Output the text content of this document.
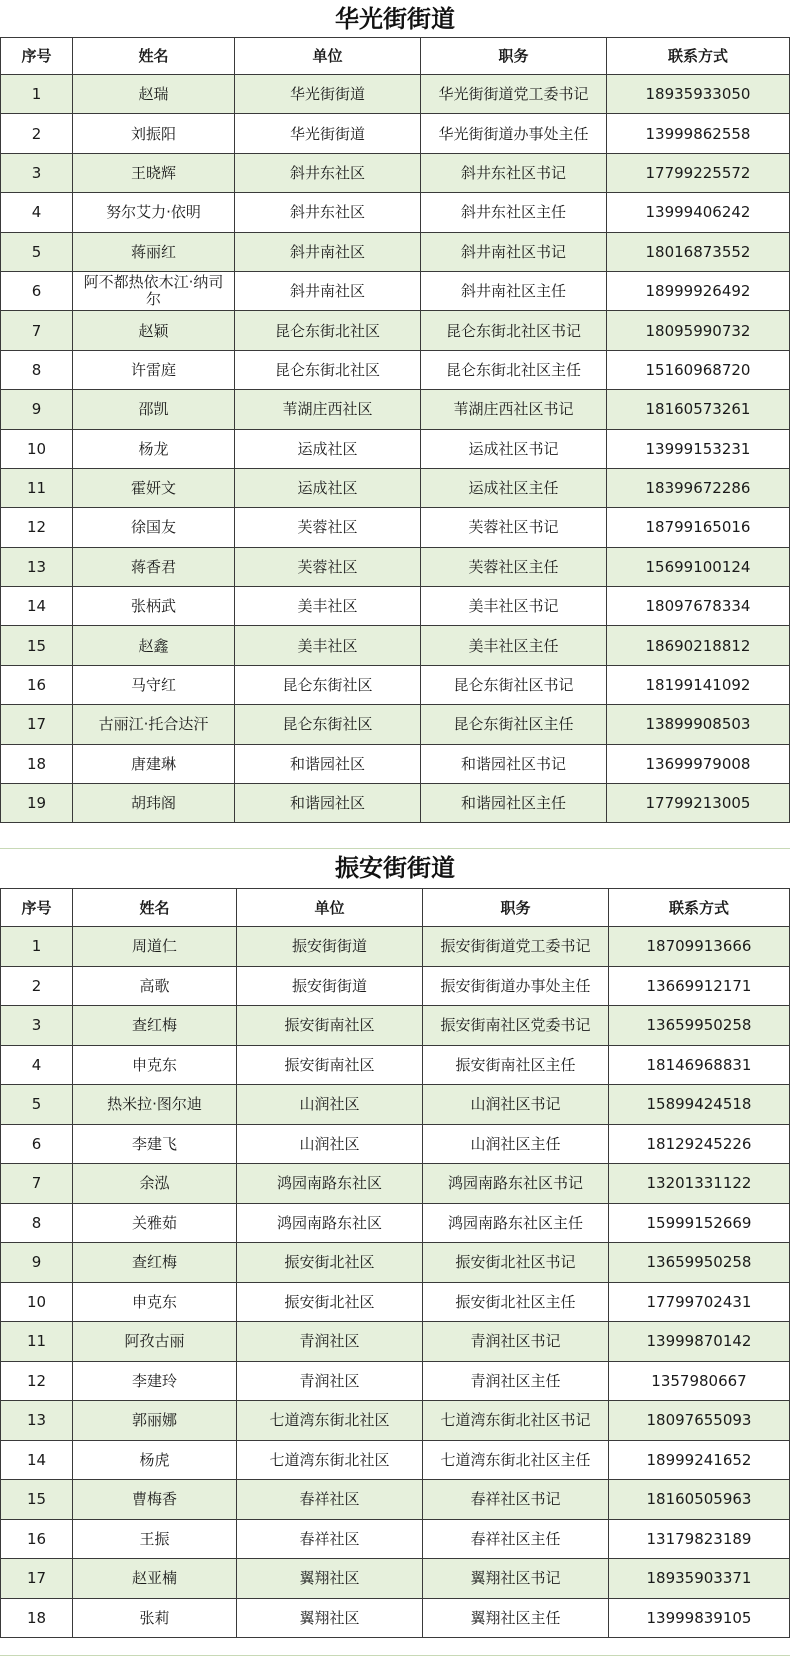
华光街街道
序号	姓名	单位	职务	联系方式
1	赵瑞	华光街街道	华光街街道党工委书记	18935933050
2	刘振阳	华光街街道	华光街街道办事处主任	13999862558
3	王晓辉	斜井东社区	斜井东社区书记	17799225572
4	努尔艾力·依明	斜井东社区	斜井东社区主任	13999406242
5	蒋丽红	斜井南社区	斜井南社区书记	18016873552
6	阿不都热依木江·纳司尔	斜井南社区	斜井南社区主任	18999926492
7	赵颖	昆仑东街北社区	昆仑东街北社区书记	18095990732
8	许雷庭	昆仑东街北社区	昆仑东街北社区主任	15160968720
9	邵凯	苇湖庄西社区	苇湖庄西社区书记	18160573261
10	杨龙	运成社区	运成社区书记	13999153231
11	霍妍文	运成社区	运成社区主任	18399672286
12	徐国友	芙蓉社区	芙蓉社区书记	18799165016
13	蒋香君	芙蓉社区	芙蓉社区主任	15699100124
14	张柄武	美丰社区	美丰社区书记	18097678334
15	赵鑫	美丰社区	美丰社区主任	18690218812
16	马守红	昆仑东街社区	昆仑东街社区书记	18199141092
17	古丽江·托合达汗	昆仑东街社区	昆仑东街社区主任	13899908503
18	唐建琳	和谐园社区	和谐园社区书记	13699979008
19	胡玮阁	和谐园社区	和谐园社区主任	17799213005
振安街街道
序号	姓名	单位	职务	联系方式
1	周道仁	振安街街道	振安街街道党工委书记	18709913666
2	高歌	振安街街道	振安街街道办事处主任	13669912171
3	查红梅	振安街南社区	振安街南社区党委书记	13659950258
4	申克东	振安街南社区	振安街南社区主任	18146968831
5	热米拉·图尔迪	山润社区	山润社区书记	15899424518
6	李建飞	山润社区	山润社区主任	18129245226
7	余泓	鸿园南路东社区	鸿园南路东社区书记	13201331122
8	关雅茹	鸿园南路东社区	鸿园南路东社区主任	15999152669
9	查红梅	振安街北社区	振安街北社区书记	13659950258
10	申克东	振安街北社区	振安街北社区主任	17799702431
11	阿孜古丽	青润社区	青润社区书记	13999870142
12	李建玲	青润社区	青润社区主任	1357980667
13	郭丽娜	七道湾东街北社区	七道湾东街北社区书记	18097655093
14	杨虎	七道湾东街北社区	七道湾东街北社区主任	18999241652
15	曹梅香	春祥社区	春祥社区书记	18160505963
16	王振	春祥社区	春祥社区主任	13179823189
17	赵亚楠	翼翔社区	翼翔社区书记	18935903371
18	张莉	翼翔社区	翼翔社区主任	13999839105
